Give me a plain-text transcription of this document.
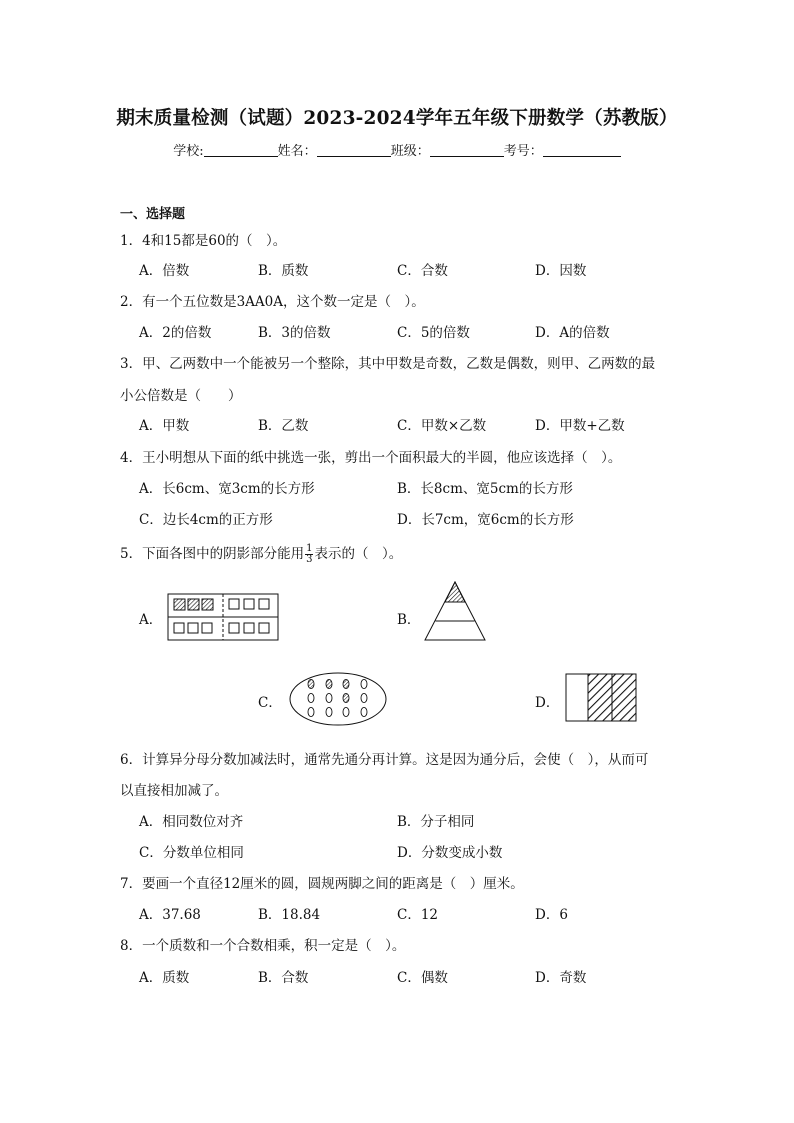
期末质量检测（试题）2023-2024学年五年级下册数学（苏教版）
学校:	姓名：	班级：	考号：
一、选择题
1．4和15都是60的（　）。
A．倍数	B．质数	C．合数	D．因数
2．有一个五位数是3AA0A，这个数一定是（　）。
A．2的倍数	B．3的倍数	C．5的倍数	D．A的倍数
3．甲、乙两数中一个能被另一个整除，其中甲数是奇数，乙数是偶数，则甲、乙两数的最
小公倍数是（　　）
A．甲数	B．乙数	C．甲数×乙数	D．甲数+乙数
4．王小明想从下面的纸中挑选一张，剪出一个面积最大的半圆，他应该选择（　）。
A．长6cm、宽3cm的长方形	B．长8cm、宽5cm的长方形
C．边长4cm的正方形	D．长7cm，宽6cm的长方形
5．下面各图中的阴影部分能用 $\frac{1}{3}$ 表示的（　）。
A．	B．
C．	D．
6．计算异分母分数加减法时，通常先通分再计算。这是因为通分后，会使（　），从而可
以直接相加减了。
A．相同数位对齐	B．分子相同
C．分数单位相同	D．分数变成小数
7．要画一个直径12厘米的圆，圆规两脚之间的距离是（　）厘米。
A．37.68	B．18.84	C．12	D．6
8．一个质数和一个合数相乘，积一定是（　）。
A．质数	B．合数	C．偶数	D．奇数
